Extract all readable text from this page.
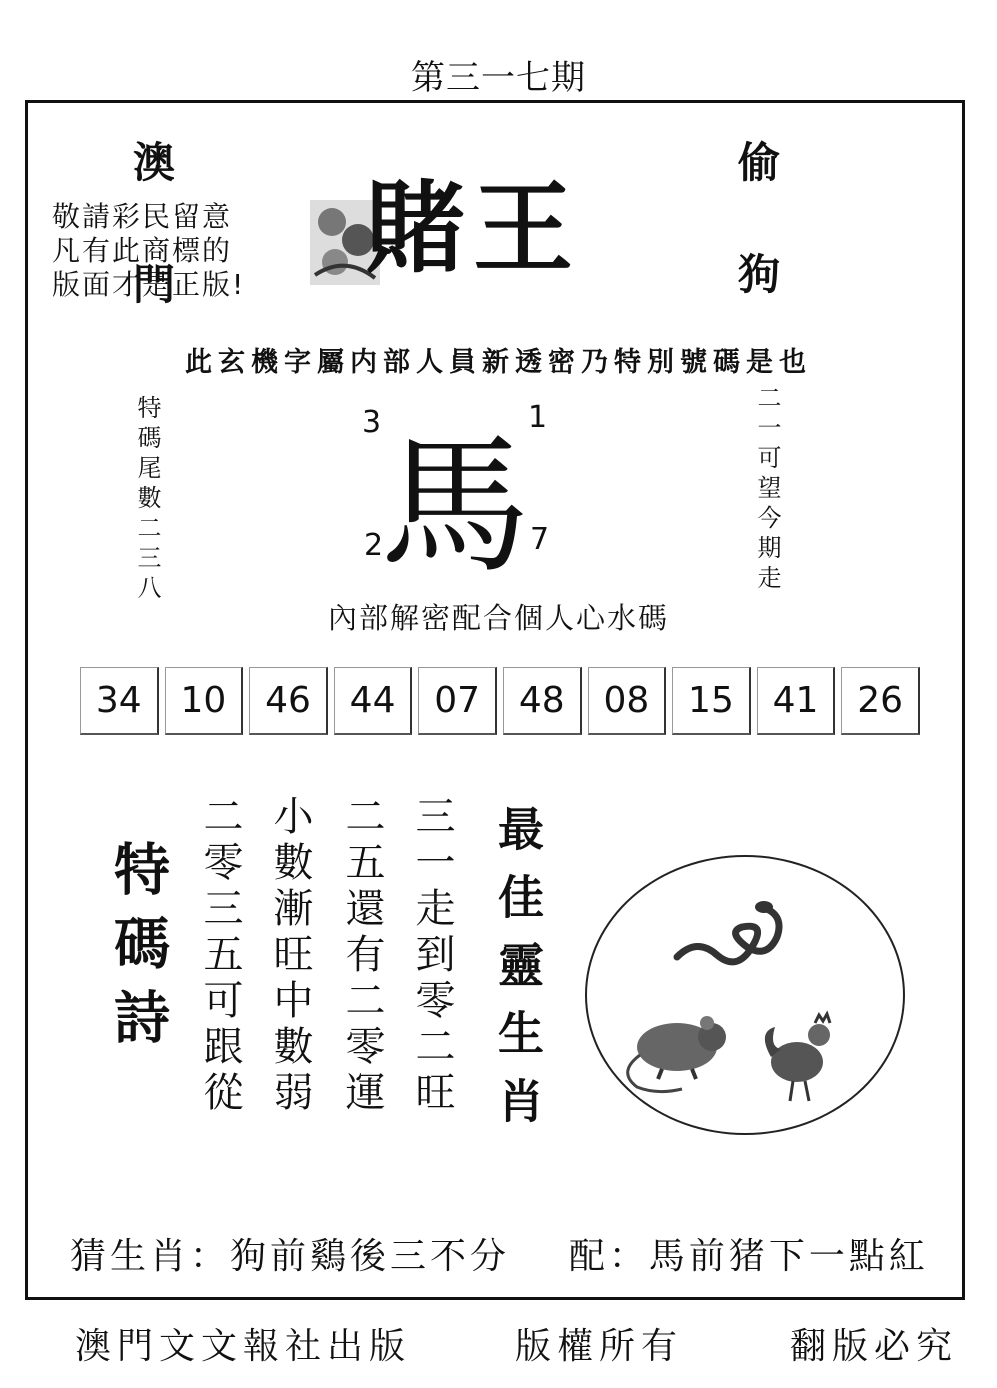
第三一七期
澳門	偷狗
敬請彩民留意
凡有此商標的
版面才是正版!	賭王
此玄機字屬内部人員新透密乃特別號碼是也
特碼尾數二三八	二一可望今期走
馬
3	1
2	7
內部解密配合個人心水碼
34	10	46	44	07	48	08	15	41	26
特碼詩	三一走到零二旺
二五還有二零運
小數漸旺中數弱
二零三五可跟從	最佳靈生肖
猜生肖：狗前鷄後三不分 配：馬前猪下一點紅
澳門文文報社出版	版權所有	翻版必究
